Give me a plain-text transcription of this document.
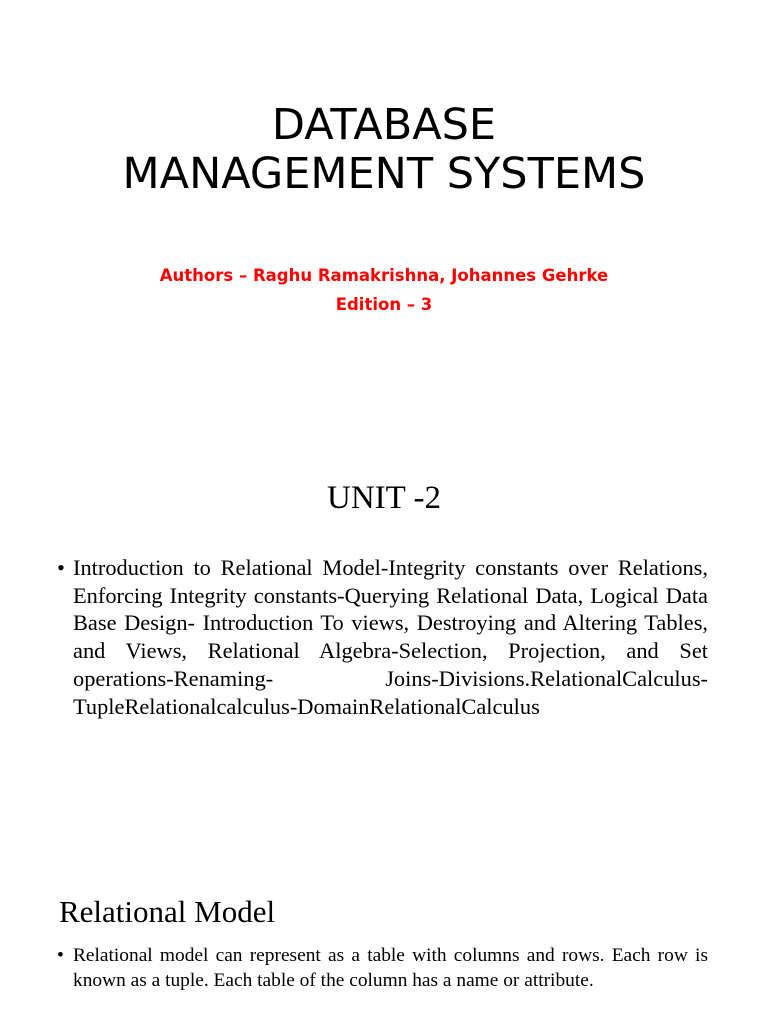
DATABASE
MANAGEMENT SYSTEMS
Authors – Raghu Ramakrishna, Johannes Gehrke
Edition – 3
UNIT -2
• Introduction to Relational Model-Integrity constants over Relations, Enforcing Integrity constants-Querying Relational Data, Logical Data Base Design- Introduction To views, Destroying and Altering Tables, and Views, Relational Algebra-Selection, Projection, and Set operations-Renaming- Joins-Divisions.RelationalCalculus-TupleRelationalcalculus-DomainRelationalCalculus
Relational Model
• Relational model can represent as a table with columns and rows. Each row is known as a tuple. Each table of the column has a name or attribute.
